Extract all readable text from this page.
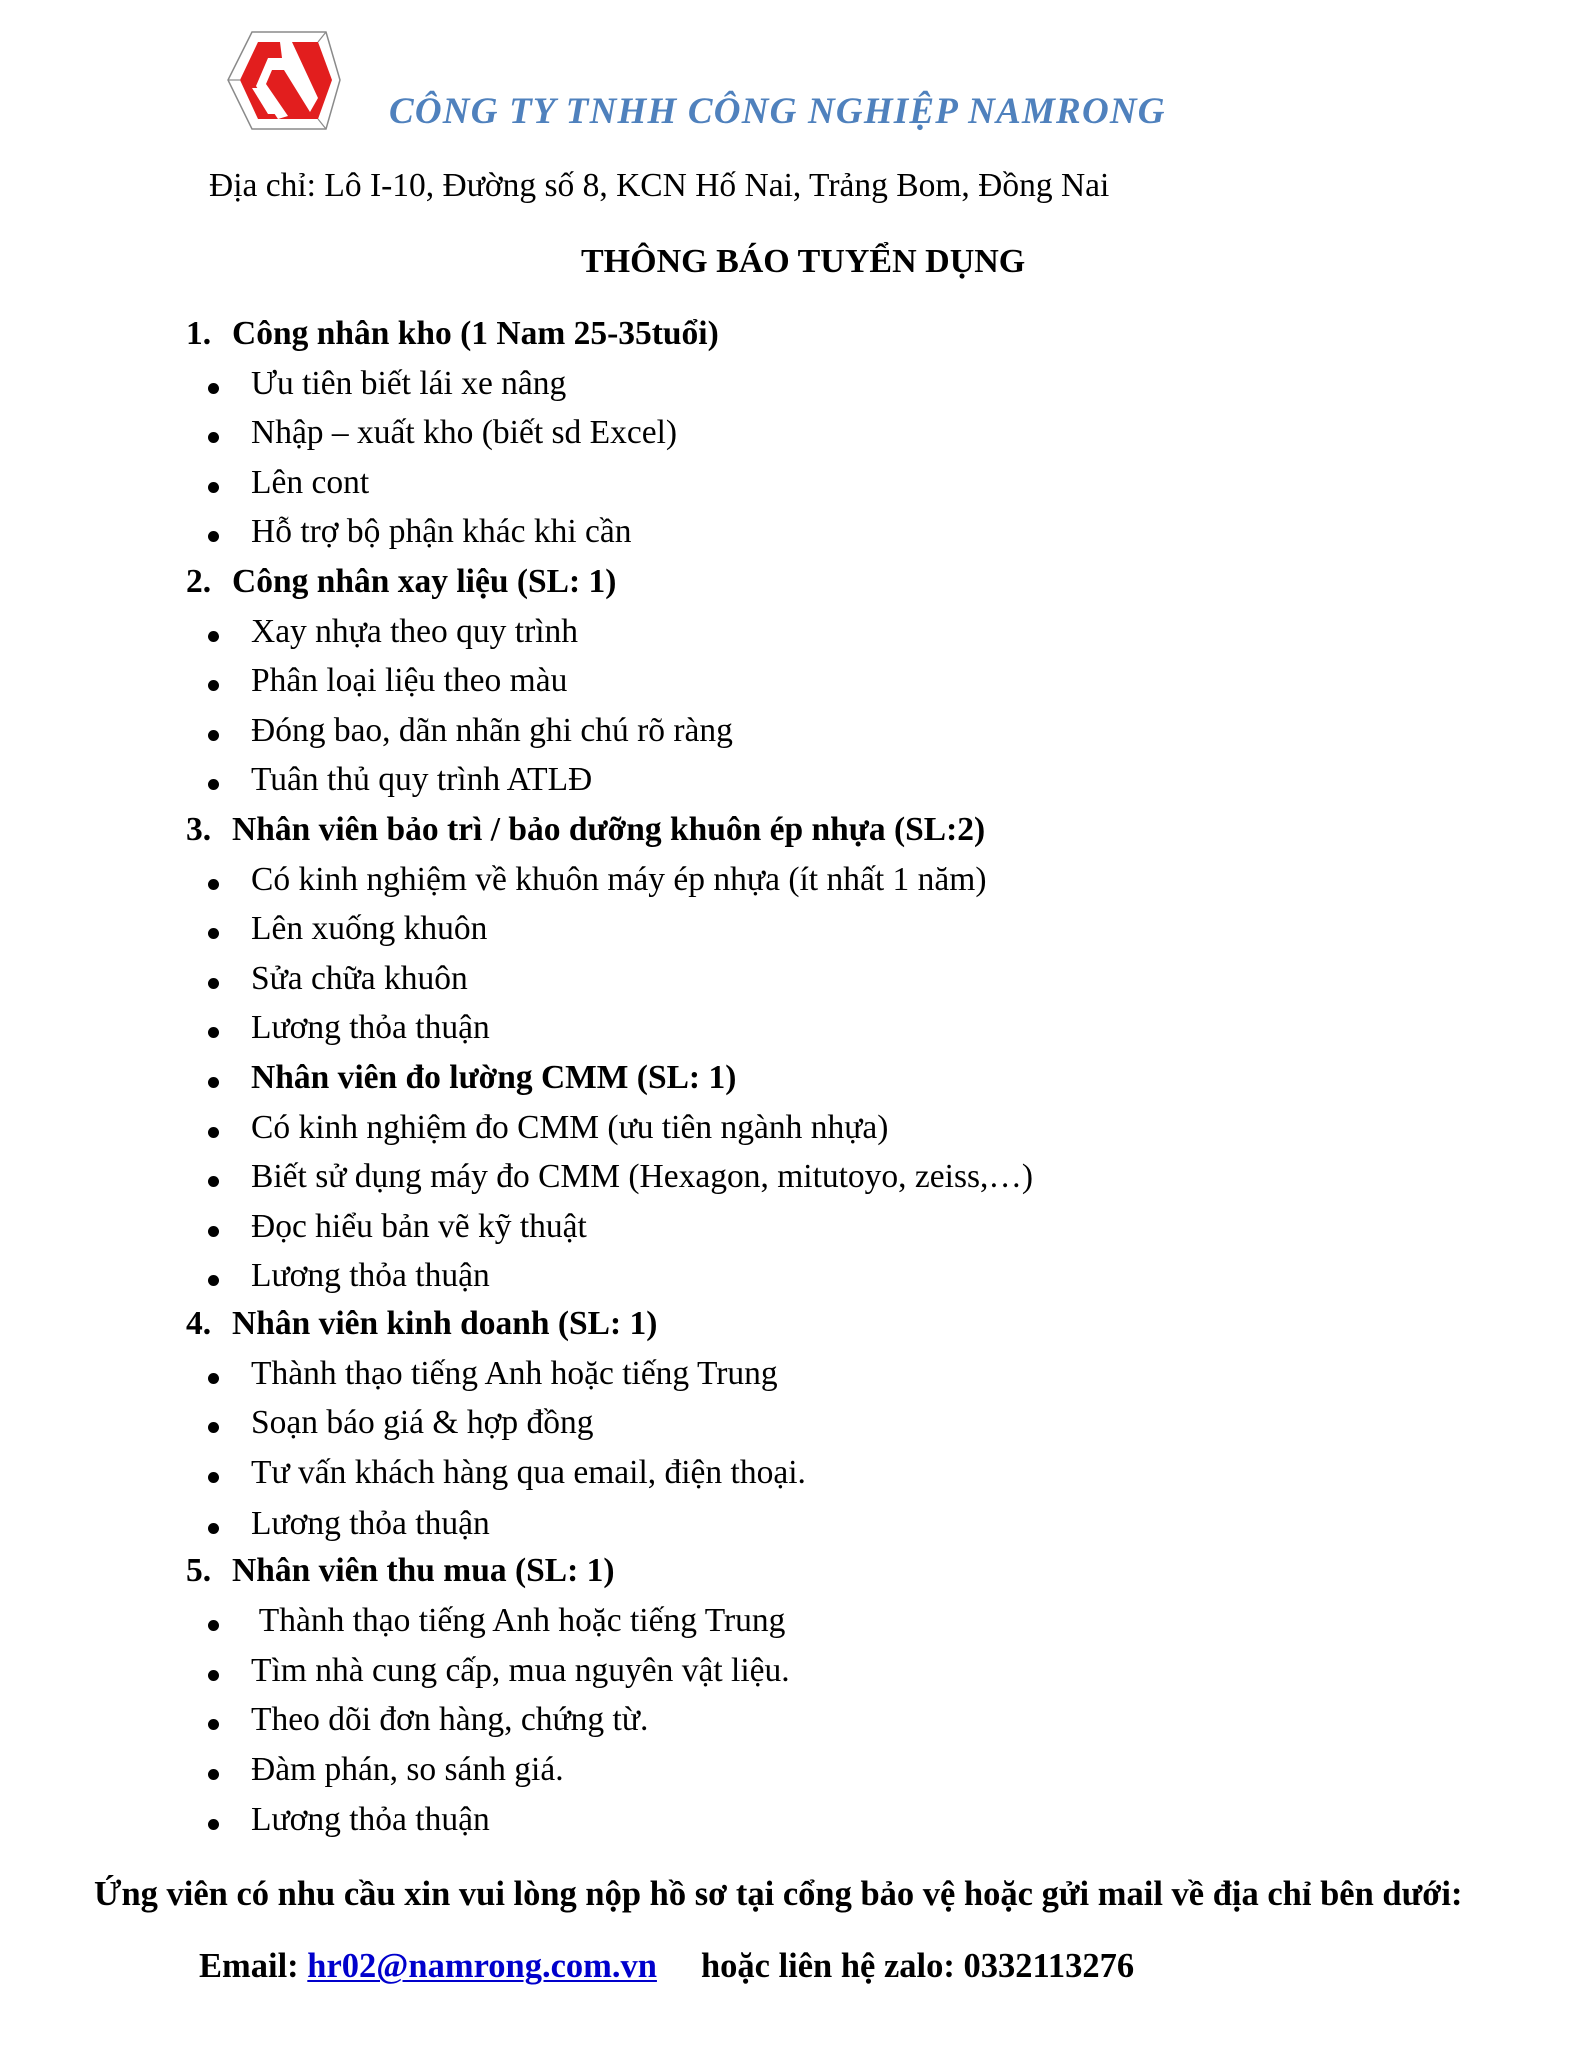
CÔNG TY TNHH CÔNG NGHIỆP NAMRONG
Địa chỉ: Lô I-10, Đường số 8, KCN Hố Nai, Trảng Bom, Đồng Nai
THÔNG BÁO TUYỂN DỤNG
1. Công nhân kho (1 Nam 25-35tuổi)
Ưu tiên biết lái xe nâng
Nhập – xuất kho (biết sd Excel)
Lên cont
Hỗ trợ bộ phận khác khi cần
2. Công nhân xay liệu (SL: 1)
Xay nhựa theo quy trình
Phân loại liệu theo màu
Đóng bao, dãn nhãn ghi chú rõ ràng
Tuân thủ quy trình ATLĐ
3. Nhân viên bảo trì / bảo dưỡng khuôn ép nhựa (SL:2)
Có kinh nghiệm về khuôn máy ép nhựa (ít nhất 1 năm)
Lên xuống khuôn
Sửa chữa khuôn
Lương thỏa thuận
Nhân viên đo lường CMM (SL: 1)
Có kinh nghiệm đo CMM (ưu tiên ngành nhựa)
Biết sử dụng máy đo CMM (Hexagon, mitutoyo, zeiss,…)
Đọc hiểu bản vẽ kỹ thuật
Lương thỏa thuận
4. Nhân viên kinh doanh (SL: 1)
Thành thạo tiếng Anh hoặc tiếng Trung
Soạn báo giá & hợp đồng
Tư vấn khách hàng qua email, điện thoại.
Lương thỏa thuận
5. Nhân viên thu mua (SL: 1)
Thành thạo tiếng Anh hoặc tiếng Trung
Tìm nhà cung cấp, mua nguyên vật liệu.
Theo dõi đơn hàng, chứng từ.
Đàm phán, so sánh giá.
Lương thỏa thuận
Ứng viên có nhu cầu xin vui lòng nộp hồ sơ tại cổng bảo vệ hoặc gửi mail về địa chỉ bên dưới:
Email: hr02@namrong.com.vn hoặc liên hệ zalo: 0332113276
